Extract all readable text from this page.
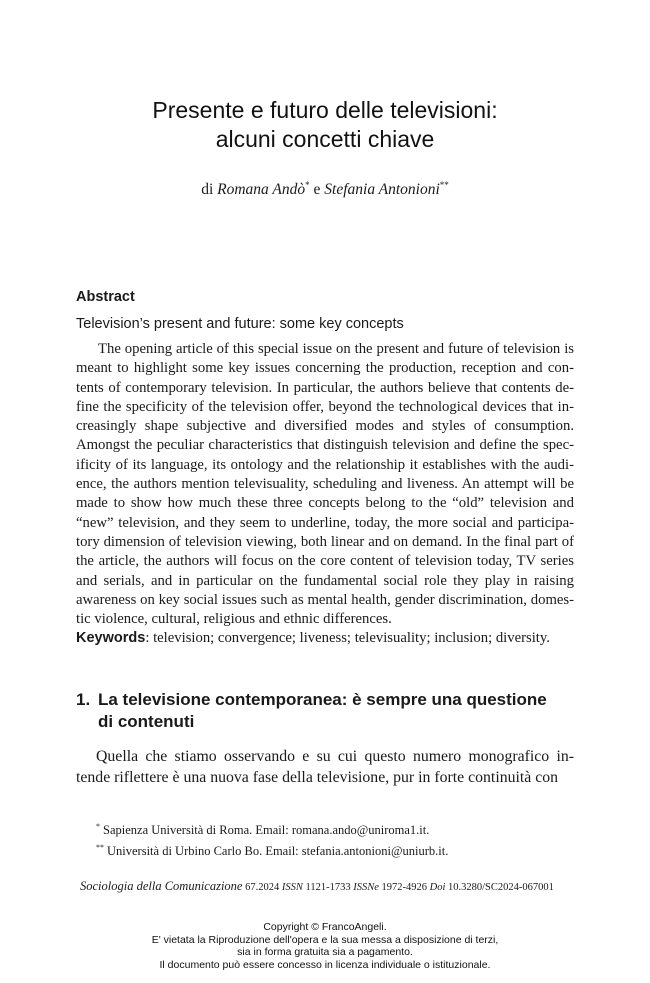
Presente e futuro delle televisioni:
alcuni concetti chiave
di Romana Andò* e Stefania Antonioni**
Abstract
Television’s present and future: some key concepts

The opening article of this special issue on the present and future of television is meant to highlight some key issues concerning the production, reception and con-tents of contemporary television. In particular, the authors believe that contents de-fine the specificity of the television offer, beyond the technological devices that in-creasingly shape subjective and diversified modes and styles of consumption. Amongst the peculiar characteristics that distinguish television and define the spec-ificity of its language, its ontology and the relationship it establishes with the audi-ence, the authors mention televisuality, scheduling and liveness. An attempt will be made to show how much these three concepts belong to the “old” television and “new” television, and they seem to underline, today, the more social and participa-tory dimension of television viewing, both linear and on demand. In the final part of the article, the authors will focus on the core content of television today, TV series and serials, and in particular on the fundamental social role they play in raising awareness on key social issues such as mental health, gender discrimination, domes-tic violence, cultural, religious and ethnic differences.

Keywords: television; convergence; liveness; televisuality; inclusion; diversity.
1. La televisione contemporanea: è sempre una questione
di contenuti

Quella che stiamo osservando e su cui questo numero monografico in-tende riflettere è una nuova fase della televisione, pur in forte continuità con

* Sapienza Università di Roma. Email: romana.ando@uniroma1.it.
** Università di Urbino Carlo Bo. Email: stefania.antonioni@uniurb.it.
Sociologia della Comunicazione 67.2024 ISSN 1121-1733 ISSNe 1972-4926 Doi 10.3280/SC2024-067001
Copyright © FrancoAngeli.
E' vietata la Riproduzione dell'opera e la sua messa a disposizione di terzi,
sia in forma gratuita sia a pagamento.
Il documento può essere concesso in licenza individuale o istituzionale.
